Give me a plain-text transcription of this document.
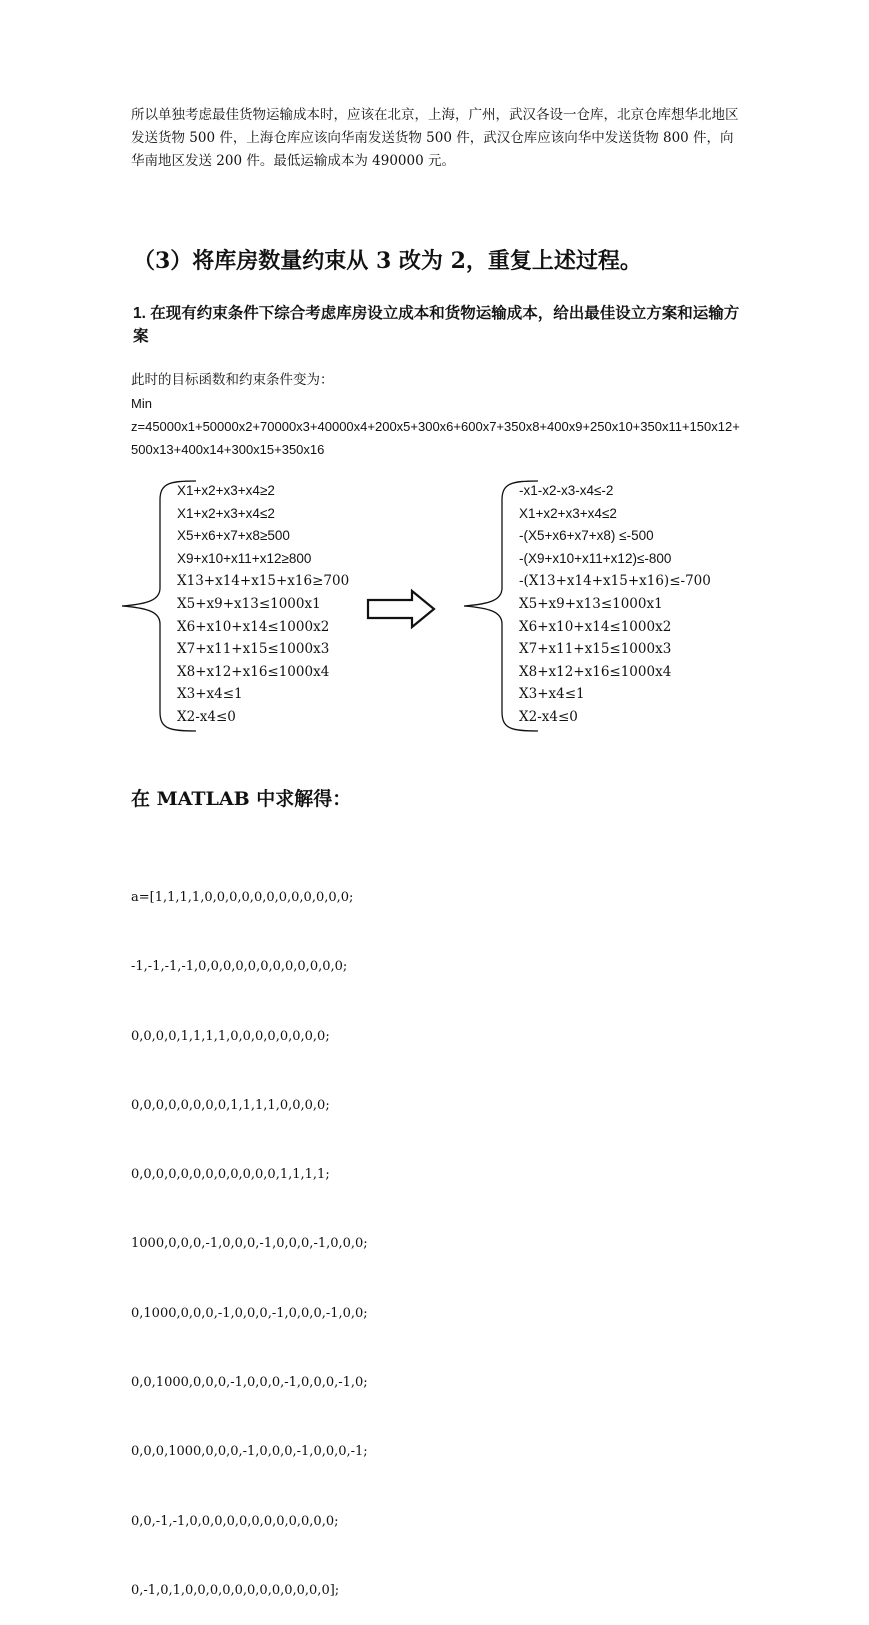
所以单独考虑最佳货物运输成本时，应该在北京，上海，广州，武汉各设一仓库，北京仓库想华北地区发送货物 500 件，上海仓库应该向华南发送货物 500 件，武汉仓库应该向华中发送货物 800 件，向华南地区发送 200 件。最低运输成本为 490000 元。
（3）将库房数量约束从 3 改为 2，重复上述过程。
1. 在现有约束条件下综合考虑库房设立成本和货物运输成本，给出最佳设立方案和运输方案
此时的目标函数和约束条件变为：
Min
z=45000x1+50000x2+70000x3+40000x4+200x5+300x6+600x7+350x8+400x9+250x10+350x11+150x12+500x13+400x14+300x15+350x16
X1+x2+x3+x4≥2
X1+x2+x3+x4≤2
X5+x6+x7+x8≥500
X9+x10+x11+x12≥800
X13+x14+x15+x16≥700
X5+x9+x13≤1000x1
X6+x10+x14≤1000x2
X7+x11+x15≤1000x3
X8+x12+x16≤1000x4
X3+x4≤1
X2-x4≤0
-x1-x2-x3-x4≤-2
X1+x2+x3+x4≤2
-(X5+x6+x7+x8) ≤-500
-(X9+x10+x11+x12)≤-800
-(X13+x14+x15+x16)≤-700
X5+x9+x13≤1000x1
X6+x10+x14≤1000x2
X7+x11+x15≤1000x3
X8+x12+x16≤1000x4
X3+x4≤1
X2-x4≤0
在 MATLAB 中求解得：

a=[1,1,1,1,0,0,0,0,0,0,0,0,0,0,0,0;

-1,-1,-1,-1,0,0,0,0,0,0,0,0,0,0,0,0;

0,0,0,0,1,1,1,1,0,0,0,0,0,0,0,0;

0,0,0,0,0,0,0,0,1,1,1,1,0,0,0,0;

0,0,0,0,0,0,0,0,0,0,0,0,1,1,1,1;

1000,0,0,0,-1,0,0,0,-1,0,0,0,-1,0,0,0;

0,1000,0,0,0,-1,0,0,0,-1,0,0,0,-1,0,0;

0,0,1000,0,0,0,-1,0,0,0,-1,0,0,0,-1,0;

0,0,0,1000,0,0,0,-1,0,0,0,-1,0,0,0,-1;

0,0,-1,-1,0,0,0,0,0,0,0,0,0,0,0,0;

0,-1,0,1,0,0,0,0,0,0,0,0,0,0,0,0];
